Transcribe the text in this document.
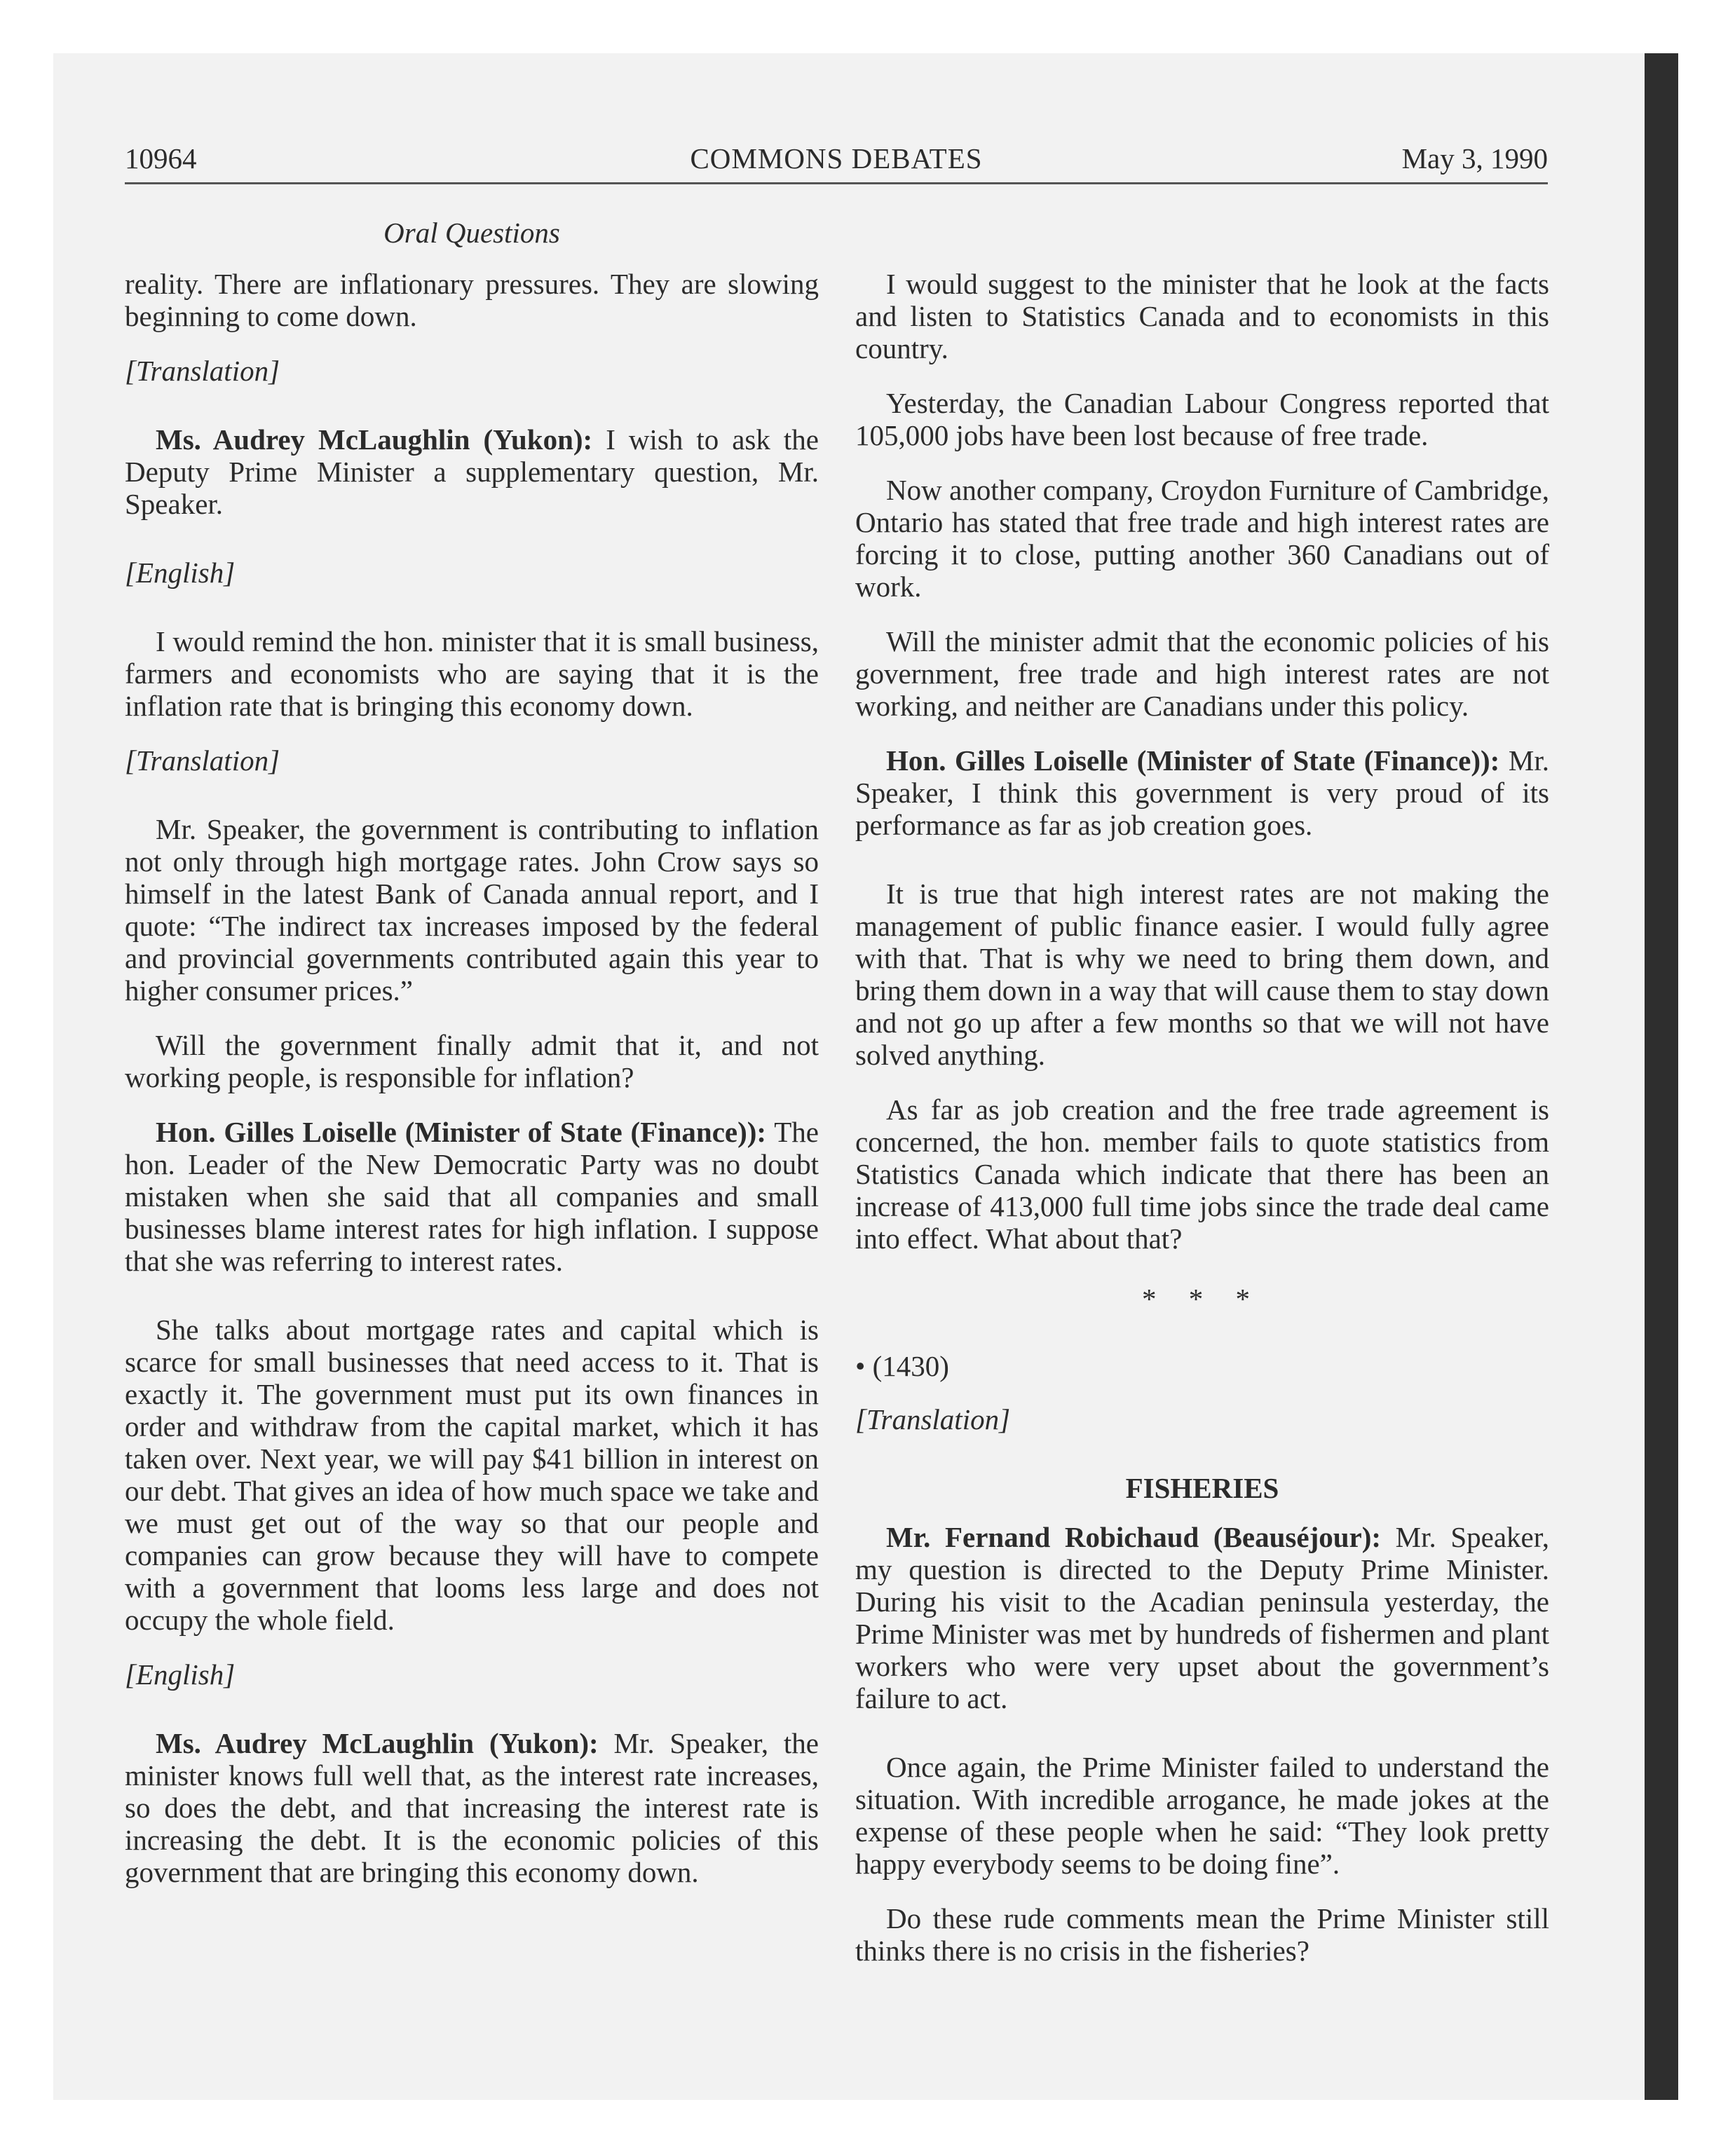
10964	COMMONS DEBATES	May 3, 1990
Oral Questions

reality. There are inflationary pressures. They are slowing beginning to come down.

[Translation]

Ms. Audrey McLaughlin (Yukon): I wish to ask the Deputy Prime Minister a supplementary question, Mr. Speaker.

[English]

I would remind the hon. minister that it is small business, farmers and economists who are saying that it is the inflation rate that is bringing this economy down.

[Translation]

Mr. Speaker, the government is contributing to inflation not only through high mortgage rates. John Crow says so himself in the latest Bank of Canada annual report, and I quote: “The indirect tax increases imposed by the federal and provincial governments contributed again this year to higher consumer prices.”

Will the government finally admit that it, and not working people, is responsible for inflation?

Hon. Gilles Loiselle (Minister of State (Finance)): The hon. Leader of the New Democratic Party was no doubt mistaken when she said that all companies and small businesses blame interest rates for high inflation. I suppose that she was referring to interest rates.

She talks about mortgage rates and capital which is scarce for small businesses that need access to it. That is exactly it. The government must put its own finances in order and withdraw from the capital market, which it has taken over. Next year, we will pay $41 billion in interest on our debt. That gives an idea of how much space we take and we must get out of the way so that our people and companies can grow because they will have to compete with a government that looms less large and does not occupy the whole field.

[English]

Ms. Audrey McLaughlin (Yukon): Mr. Speaker, the minister knows full well that, as the interest rate increases, so does the debt, and that increasing the interest rate is increasing the debt. It is the economic policies of this government that are bringing this economy down.

I would suggest to the minister that he look at the facts and listen to Statistics Canada and to economists in this country.

Yesterday, the Canadian Labour Congress reported that 105,000 jobs have been lost because of free trade.

Now another company, Croydon Furniture of Cambridge, Ontario has stated that free trade and high interest rates are forcing it to close, putting another 360 Canadians out of work.

Will the minister admit that the economic policies of his government, free trade and high interest rates are not working, and neither are Canadians under this policy.

Hon. Gilles Loiselle (Minister of State (Finance)): Mr. Speaker, I think this government is very proud of its performance as far as job creation goes.

It is true that high interest rates are not making the management of public finance easier. I would fully agree with that. That is why we need to bring them down, and bring them down in a way that will cause them to stay down and not go up after a few months so that we will not have solved anything.

As far as job creation and the free trade agreement is concerned, the hon. member fails to quote statistics from Statistics Canada which indicate that there has been an increase of 413,000 full time jobs since the trade deal came into effect. What about that?

* * *

• (1430)

[Translation]

FISHERIES

Mr. Fernand Robichaud (Beauséjour): Mr. Speaker, my question is directed to the Deputy Prime Minister. During his visit to the Acadian peninsula yesterday, the Prime Minister was met by hundreds of fishermen and plant workers who were very upset about the government’s failure to act.

Once again, the Prime Minister failed to understand the situation. With incredible arrogance, he made jokes at the expense of these people when he said: “They look pretty happy everybody seems to be doing fine”.

Do these rude comments mean the Prime Minister still thinks there is no crisis in the fisheries?
